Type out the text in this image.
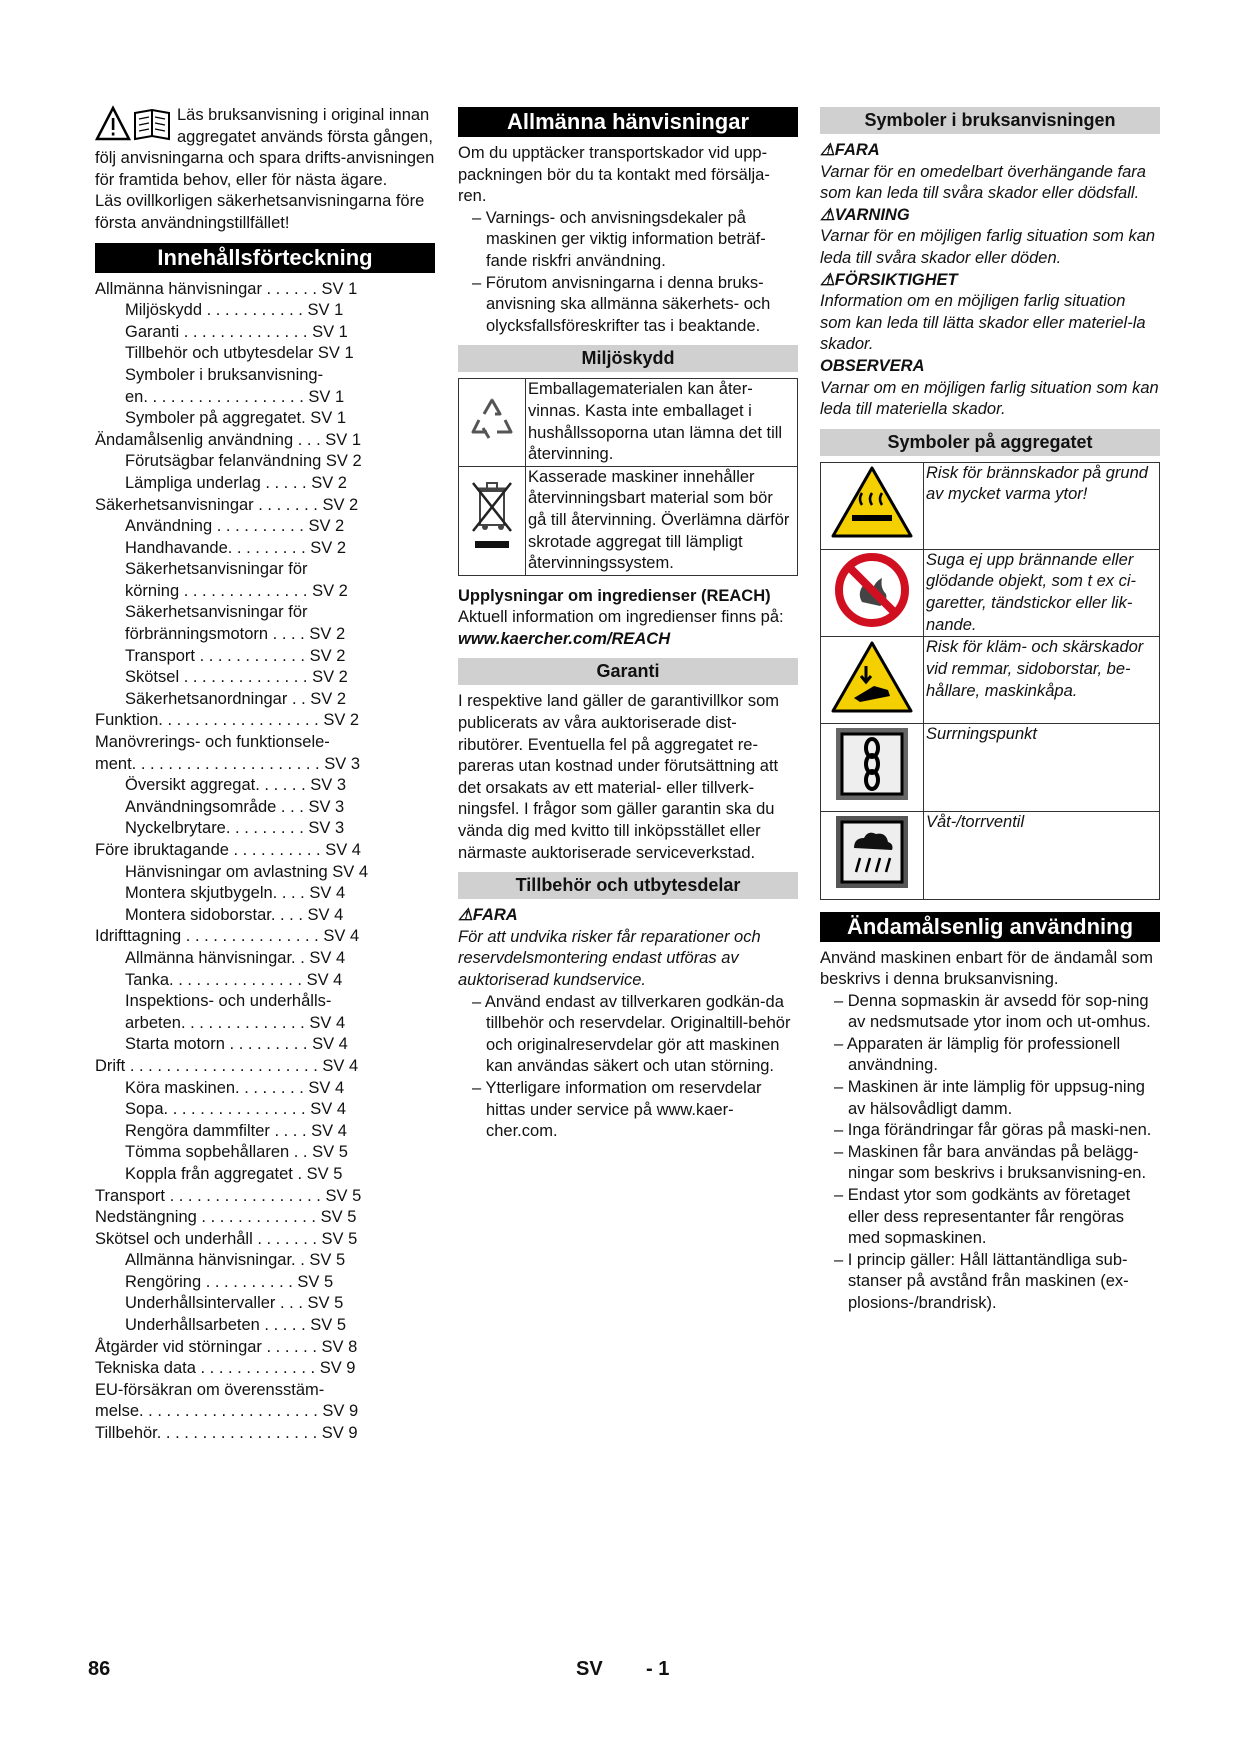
Läs bruksanvisning i original innan aggregatet används första gången, följ anvisningarna och spara drifts-anvisningen för framtida behov, eller för nästa ägare.

Läs ovillkorligen säkerhetsanvisningarna före första användningstillfället!

Innehållsförteckning
Allmänna hänvisningar . . . . . . SV 1
Miljöskydd . . . . . . . . . . . SV 1
Garanti . . . . . . . . . . . . . . SV 1
Tillbehör och utbytesdelar SV 1
Symboler i bruksanvisning-
en. . . . . . . . . . . . . . . . . . SV 1
Symboler på aggregatet. SV 1
Ändamålsenlig användning . . . SV 1
Förutsägbar felanvändning SV 2
Lämpliga underlag . . . . . SV 2
Säkerhetsanvisningar . . . . . . . SV 2
Användning . . . . . . . . . . SV 2
Handhavande. . . . . . . . . SV 2
Säkerhetsanvisningar för
körning . . . . . . . . . . . . . . SV 2
Säkerhetsanvisningar för
förbränningsmotorn . . . . SV 2
Transport . . . . . . . . . . . . SV 2
Skötsel . . . . . . . . . . . . . . SV 2
Säkerhetsanordningar . . SV 2
Funktion. . . . . . . . . . . . . . . . . . SV 2
Manövrerings- och funktionsele-
ment. . . . . . . . . . . . . . . . . . . . . SV 3
Översikt aggregat. . . . . . SV 3
Användningsområde . . . SV 3
Nyckelbrytare. . . . . . . . . SV 3
Före ibruktagande . . . . . . . . . . SV 4
Hänvisningar om avlastning SV 4
Montera skjutbygeln. . . . SV 4
Montera sidoborstar. . . . SV 4
Idrifttagning . . . . . . . . . . . . . . . SV 4
Allmänna hänvisningar. . SV 4
Tanka. . . . . . . . . . . . . . . SV 4
Inspektions- och underhålls-
arbeten. . . . . . . . . . . . . . SV 4
Starta motorn . . . . . . . . . SV 4
Drift . . . . . . . . . . . . . . . . . . . . . SV 4
Köra maskinen. . . . . . . . SV 4
Sopa. . . . . . . . . . . . . . . . SV 4
Rengöra dammfilter . . . . SV 4
Tömma sopbehållaren . . SV 5
Koppla från aggregatet . SV 5
Transport . . . . . . . . . . . . . . . . . SV 5
Nedstängning . . . . . . . . . . . . . SV 5
Skötsel och underhåll . . . . . . . SV 5
Allmänna hänvisningar. . SV 5
Rengöring . . . . . . . . . . SV 5
Underhållsintervaller . . . SV 5
Underhållsarbeten . . . . . SV 5
Åtgärder vid störningar . . . . . . SV 8
Tekniska data . . . . . . . . . . . . . SV 9
EU-försäkran om överensstäm-
melse. . . . . . . . . . . . . . . . . . . . SV 9
Tillbehör. . . . . . . . . . . . . . . . . . SV 9
Allmänna hänvisningar

Om du upptäcker transportskador vid upp-packningen bör du ta kontakt med försälja-ren.

– Varnings- och anvisningsdekaler på maskinen ger viktig information beträf-fande riskfri användning.

– Förutom anvisningarna i denna bruks-anvisning ska allmänna säkerhets- och olycksfallsföreskrifter tas i beaktande.

Miljöskydd
	Emballagematerialen kan åter-vinnas. Kasta inte emballaget i hushållssoporna utan lämna det till återvinning.
	Kasserade maskiner innehåller återvinningsbart material som bör gå till återvinning. Överlämna därför skrotade aggregat till lämpligt återvinningssystem.

Upplysningar om ingredienser (REACH)

Aktuell information om ingredienser finns på:

www.kaercher.com/REACH

Garanti

I respektive land gäller de garantivillkor som publicerats av våra auktoriserade dist-ributörer. Eventuella fel på aggregatet re-pareras utan kostnad under förutsättning att det orsakats av ett material- eller tillverk-ningsfel. I frågor som gäller garantin ska du vända dig med kvitto till inköpsstället eller närmaste auktoriserade serviceverkstad.

Tillbehör och utbytesdelar

⚠FARA

För att undvika risker får reparationer och reservdelsmontering endast utföras av auktoriserad kundservice.

– Använd endast av tillverkaren godkän-da tillbehör och reservdelar. Originaltill-behör och originalreservdelar gör att maskinen kan användas säkert och utan störning.

– Ytterligare information om reservdelar hittas under service på www.kaer-cher.com.

Symboler i bruksanvisningen

⚠FARA

Varnar för en omedelbart överhängande fara som kan leda till svåra skador eller dödsfall.

⚠VARNING

Varnar för en möjligen farlig situation som kan leda till svåra skador eller döden.

⚠FÖRSIKTIGHET

Information om en möjligen farlig situation som kan leda till lätta skador eller materiel-la skador.

OBSERVERA

Varnar om en möjligen farlig situation som kan leda till materiella skador.

Symboler på aggregatet
	Risk för brännskador på grund av mycket varma ytor!
	Suga ej upp brännande eller glödande objekt, som t ex ci-garetter, tändstickor eller lik-nande.
	Risk för kläm- och skärskador vid remmar, sidoborstar, be-hållare, maskinkåpa.
	Surrningspunkt
	Våt-/torrventil
Ändamålsenlig användning

Använd maskinen enbart för de ändamål som beskrivs i denna bruksanvisning.

– Denna sopmaskin är avsedd för sop-ning av nedsmutsade ytor inom och ut-omhus.

– Apparaten är lämplig för professionell användning.

– Maskinen är inte lämplig för uppsug-ning av hälsovådligt damm.

– Inga förändringar får göras på maski-nen.

– Maskinen får bara användas på belägg-ningar som beskrivs i bruksanvisning-en.

– Endast ytor som godkänts av företaget eller dess representanter får rengöras med sopmaskinen.

– I princip gäller: Håll lättantändliga sub-stanser på avstånd från maskinen (ex-plosions-/brandrisk).

86	SV - 1
